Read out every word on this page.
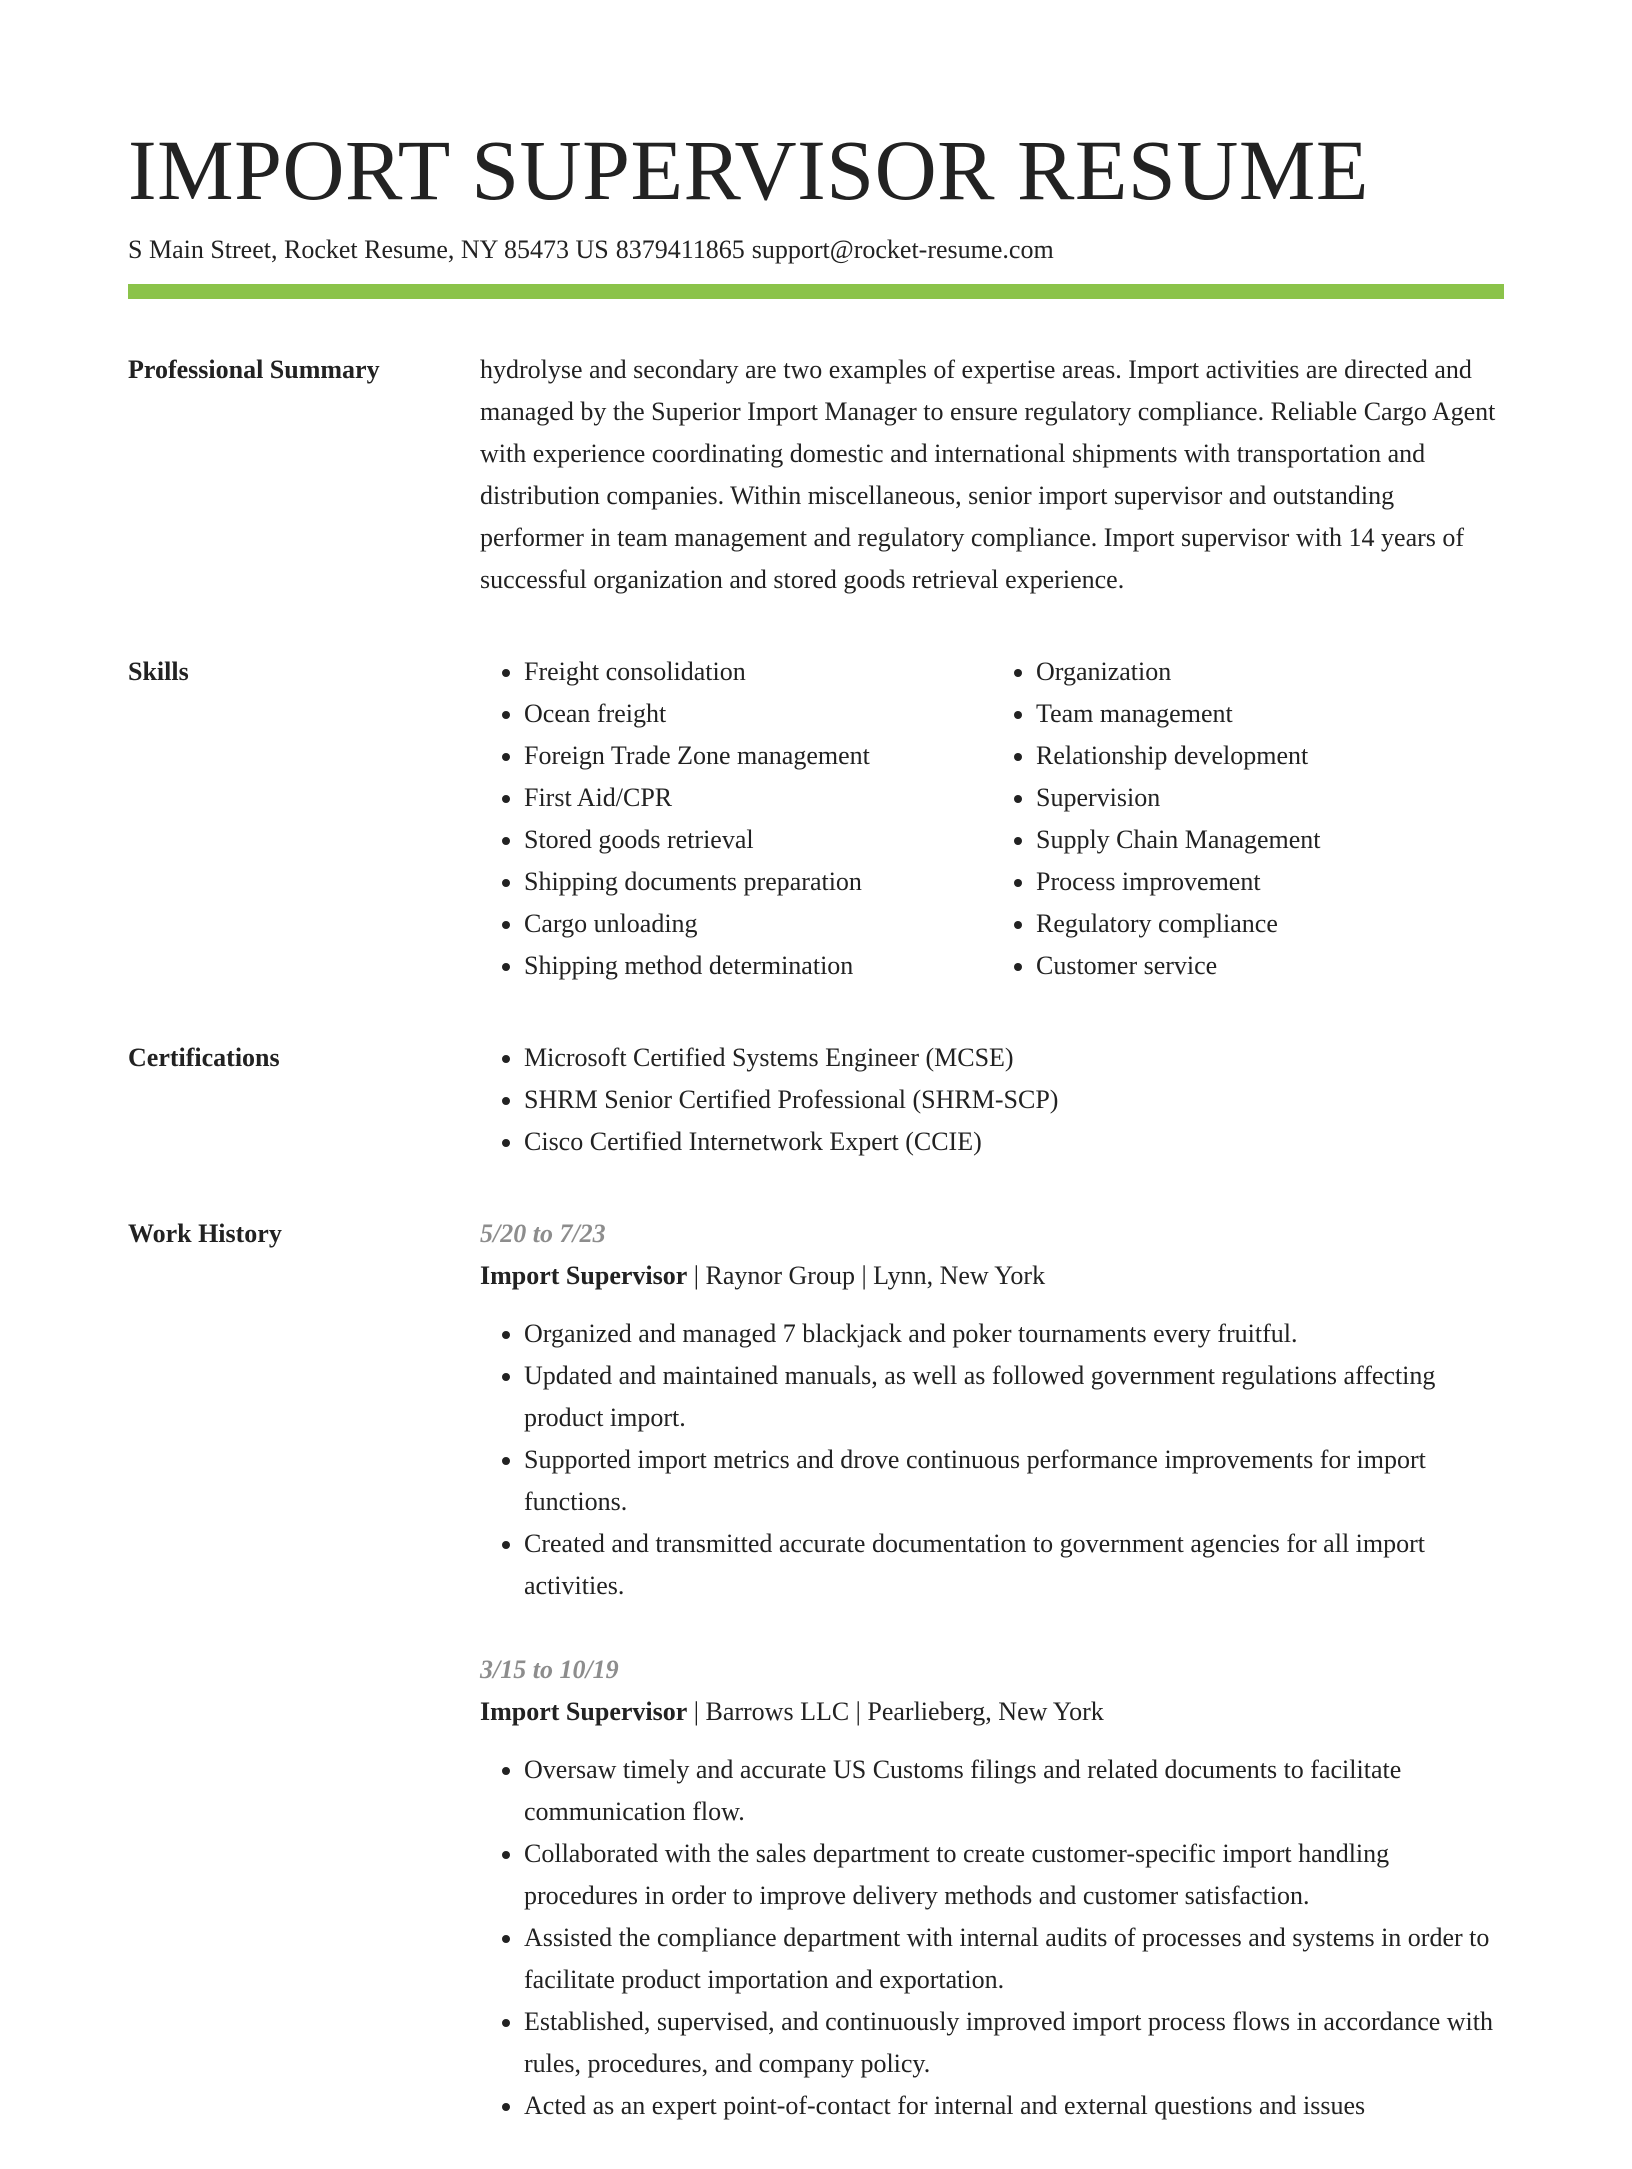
IMPORT SUPERVISOR RESUME
S Main Street, Rocket Resume, NY 85473 US 8379411865 support@rocket-resume.com
Professional Summary	hydrolyse and secondary are two examples of expertise areas. Import activities are directed and managed by the Superior Import Manager to ensure regulatory compliance. Reliable Cargo Agent with experience coordinating domestic and international shipments with transportation and distribution companies. Within miscellaneous, senior import supervisor and outstanding performer in team management and regulatory compliance. Import supervisor with 14 years of successful organization and stored goods retrieval experience.

Skills	• Freight consolidation
• Ocean freight
• Foreign Trade Zone management
• First Aid/CPR
• Stored goods retrieval
• Shipping documents preparation
• Cargo unloading
• Shipping method determination
• Organization
• Team management
• Relationship development
• Supervision
• Supply Chain Management
• Process improvement
• Regulatory compliance
• Customer service
Certifications	• Microsoft Certified Systems Engineer (MCSE)
• SHRM Senior Certified Professional (SHRM-SCP)
• Cisco Certified Internetwork Expert (CCIE)
Work History	5/20 to 7/23
Import Supervisor | Raynor Group | Lynn, New York
• Organized and managed 7 blackjack and poker tournaments every fruitful.
• Updated and maintained manuals, as well as followed government regulations affecting product import.
• Supported import metrics and drove continuous performance improvements for import functions.
• Created and transmitted accurate documentation to government agencies for all import activities.
3/15 to 10/19
Import Supervisor | Barrows LLC | Pearlieberg, New York
• Oversaw timely and accurate US Customs filings and related documents to facilitate communication flow.
• Collaborated with the sales department to create customer-specific import handling procedures in order to improve delivery methods and customer satisfaction.
• Assisted the compliance department with internal audits of processes and systems in order to facilitate product importation and exportation.
• Established, supervised, and continuously improved import process flows in accordance with rules, procedures, and company policy.
• Acted as an expert point-of-contact for internal and external questions and issues
